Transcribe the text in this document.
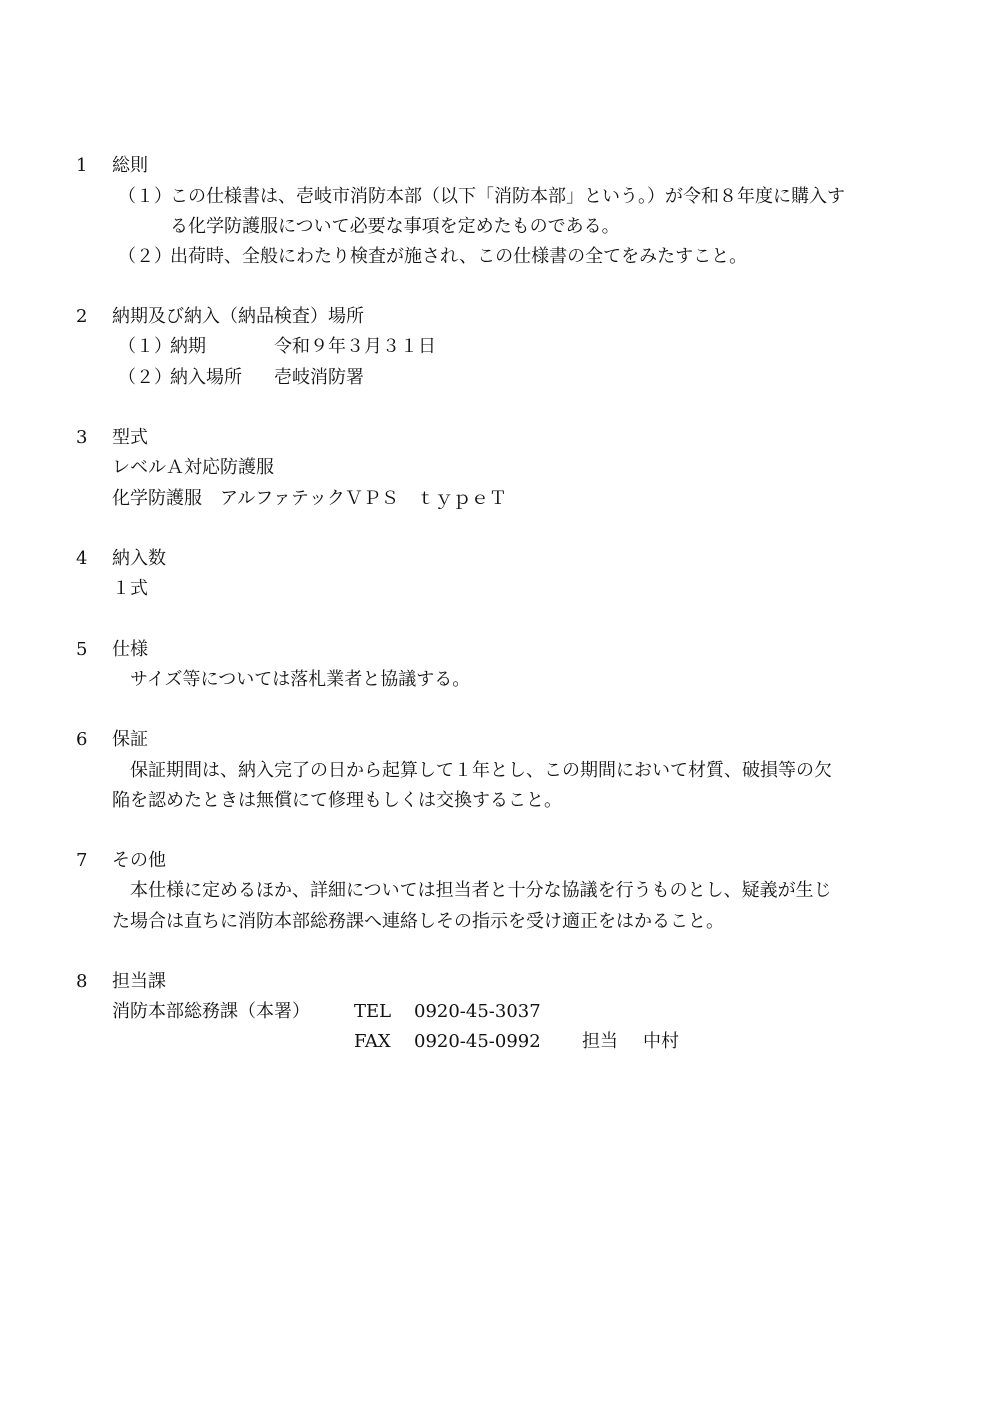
1 総則
（１）
この仕様書は、壱岐市消防本部（以下「消防本部」という。）が令和８年度に購入す
る化学防護服について必要な事項を定めたものである。
（２）
出荷時、全般にわたり検査が施され、この仕様書の全てをみたすこと。
2 納期及び納入（納品検査）場所
（１）
納期	令和９年３月３１日
（２）
納入場所 壱岐消防署
3 型式
レベルＡ対応防護服
化学防護服　アルファテックＶＰＳ　ｔｙｐｅＴ
4 納入数
１式
5 仕様
サイズ等については落札業者と協議する。
6 保証
保証期間は、納入完了の日から起算して１年とし、この期間において材質、破損等の欠
陥を認めたときは無償にて修理もしくは交換すること。
7 その他
本仕様に定めるほか、詳細については担当者と十分な協議を行うものとし、疑義が生じ
た場合は直ちに消防本部総務課へ連絡しその指示を受け適正をはかること。
8 担当課
消防本部総務課（本署） TEL 0920-45-3037
FAX 0920-45-0992 担当 中村
